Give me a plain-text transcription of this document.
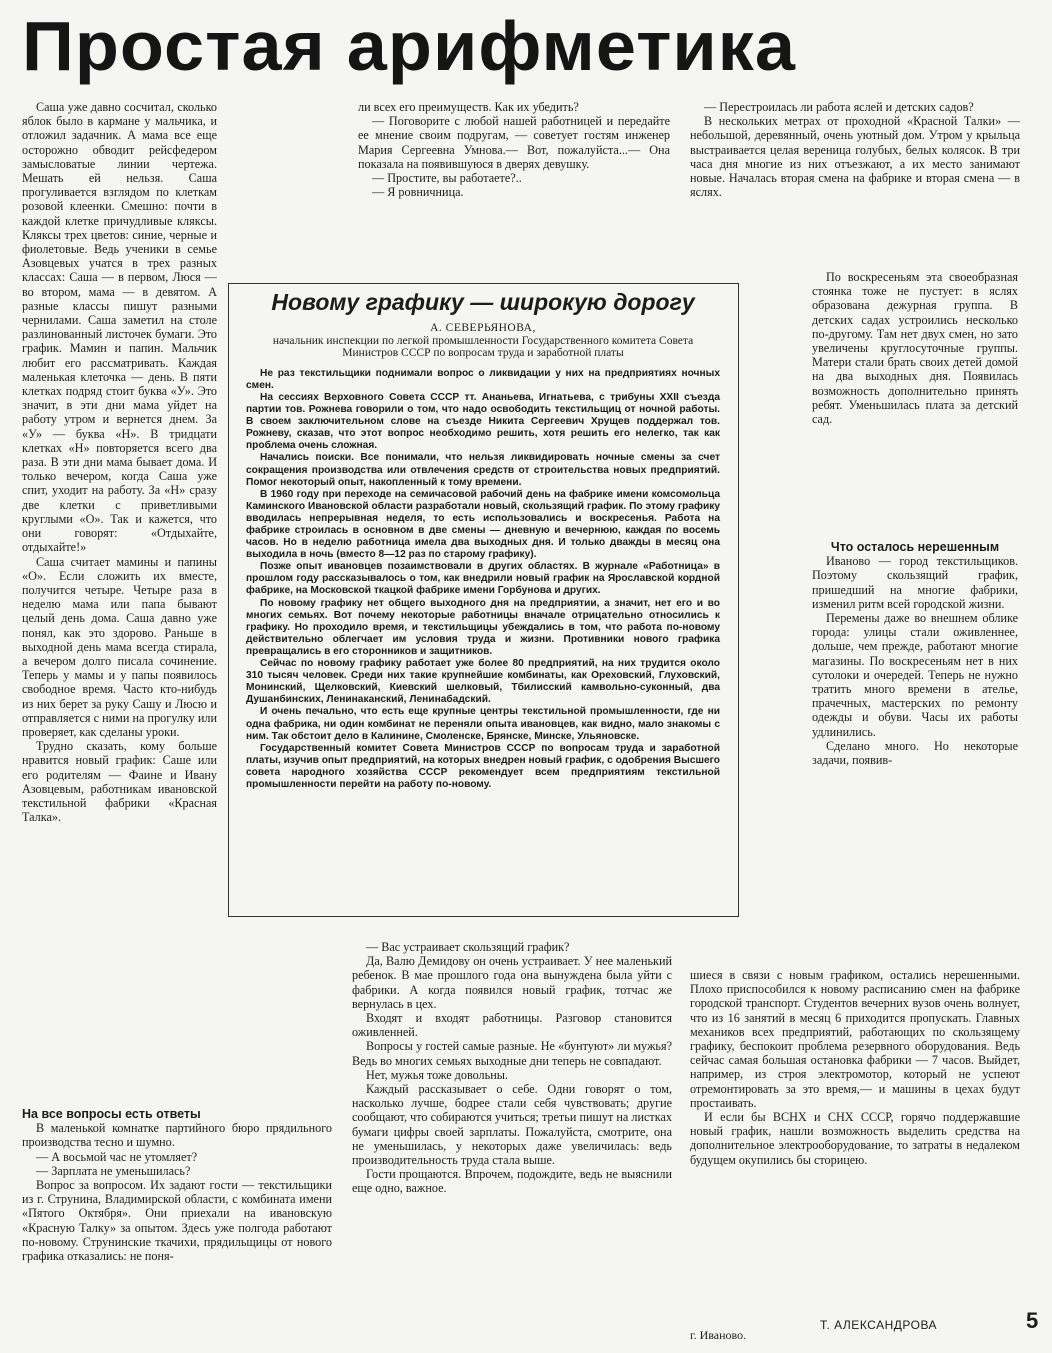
Простая арифметика

Саша уже давно сосчитал, сколько яблок было в кармане у мальчика, и отложил задачник. А мама все еще осторожно обводит рейсфедером замысловатые линии чертежа. Мешать ей нельзя. Саша прогуливается взглядом по клеткам розовой клеенки. Смешно: почти в каждой клетке причудливые кляксы. Кляксы трех цветов: синие, черные и фиолетовые. Ведь ученики в семье Азовцевых учатся в трех разных классах: Саша — в первом, Люся — во втором, мама — в девятом. А разные классы пишут разными чернилами. Саша заметил на столе разлинованный листочек бумаги. Это график. Мамин и папин. Мальчик любит его рассматривать. Каждая маленькая клеточка — день. В пяти клетках подряд стоит буква «У». Это значит, в эти дни мама уйдет на работу утром и вернется днем. За «У» — буква «Н». В тридцати клетках «Н» повторяется всего два раза. В эти дни мама бывает дома. И только вечером, когда Саша уже спит, уходит на работу. За «Н» сразу две клетки с приветливыми круглыми «О». Так и кажется, что они говорят: «Отдыхайте, отдыхайте!»

Саша считает мамины и папины «О». Если сложить их вместе, получится четыре. Четыре раза в неделю мама или папа бывают целый день дома. Саша давно уже понял, как это здорово. Раньше в выходной день мама всегда стирала, а вечером долго писала сочинение. Теперь у мамы и у папы появилось свободное время. Часто кто-нибудь из них берет за руку Сашу и Люсю и отправляется с ними на прогулку или проверяет, как сделаны уроки.

Трудно сказать, кому больше нравится новый график: Саше или его родителям — Фаине и Ивану Азовцевым, работникам ивановской текстильной фабрики «Красная Талка».

На все вопросы есть ответы

В маленькой комнатке партийного бюро прядильного производства тесно и шумно.

— А восьмой час не утомляет?

— Зарплата не уменьшилась?

Вопрос за вопросом. Их задают гости — текстильщики из г. Струнина, Владимирской области, с комбината имени «Пятого Октября». Они приехали на ивановскую «Красную Талку» за опытом. Здесь уже полгода работают по-новому. Струнинские ткачихи, прядильщицы от нового графика отказались: не поня-

ли всех его преимуществ. Как их убедить?

— Поговорите с любой нашей работницей и передайте ее мнение своим подругам, — советует гостям инженер Мария Сергеевна Умнова.— Вот, пожалуйста...— Она показала на появившуюся в дверях девушку.

— Простите, вы работаете?..

— Я ровничница.

— Вас устраивает скользящий график?

Да, Валю Демидову он очень устраивает. У нее маленький ребенок. В мае прошлого года она вынуждена была уйти с фабрики. А когда появился новый график, тотчас же вернулась в цех.

Входят и входят работницы. Разговор становится оживленней.

Вопросы у гостей самые разные. Не «бунтуют» ли мужья? Ведь во многих семьях выходные дни теперь не совпадают.

Нет, мужья тоже довольны.

Каждый рассказывает о себе. Одни говорят о том, насколько лучше, бодрее стали себя чувствовать; другие сообщают, что собираются учиться; третьи пишут на листках бумаги цифры своей зарплаты. Пожалуйста, смотрите, она не уменьшилась, у некоторых даже увеличилась: ведь производительность труда стала выше.

Гости прощаются. Впрочем, подождите, ведь не выяснили еще одно, важное.

— Перестроилась ли работа яслей и детских садов?

В нескольких метрах от проходной «Красной Талки» — небольшой, деревянный, очень уютный дом. Утром у крыльца выстраивается целая вереница голубых, белых колясок. В три часа дня многие из них отъезжают, а их место занимают новые. Началась вторая смена на фабрике и вторая смена — в яслях.

По воскресеньям эта своеобразная стоянка тоже не пустует: в яслях образована дежурная группа. В детских садах устроились несколько по-другому. Там нет двух смен, но зато увеличены круглосуточные группы. Матери стали брать своих детей домой на два выходных дня. Появилась возможность дополнительно принять ребят. Уменьшилась плата за детский сад.

Что осталось нерешенным

Иваново — город текстильщиков. Поэтому скользящий график, пришедший на многие фабрики, изменил ритм всей городской жизни.

Перемены даже во внешнем облике города: улицы стали оживленнее, дольше, чем прежде, работают многие магазины. По воскресеньям нет в них сутолоки и очередей. Теперь не нужно тратить много времени в ателье, прачечных, мастерских по ремонту одежды и обуви. Часы их работы удлинились.

Сделано много. Но некоторые задачи, появив-

шиеся в связи с новым графиком, остались нерешенными. Плохо приспособился к новому расписанию смен на фабрике городской транспорт. Студентов вечерних вузов очень волнует, что из 16 занятий в месяц 6 приходится пропускать. Главных механиков всех предприятий, работающих по скользящему графику, беспокоит проблема резервного оборудования. Ведь сейчас самая большая остановка фабрики — 7 часов. Выйдет, например, из строя электромотор, который не успеют отремонтировать за это время,— и машины в цехах будут простаивать.

И если бы ВСНХ и СНХ СССР, горячо поддержавшие новый график, нашли возможность выделить средства на дополнительное электрооборудование, то затраты в недалеком будущем окупились бы сторицею.

Новому графику — широкую дорогу
А. СЕВЕРЬЯНОВА,
начальник инспекции по легкой промышленности Государственного комитета Совета Министров СССР по вопросам труда и заработной платы

Не раз текстильщики поднимали вопрос о ликвидации у них на предприятиях ночных смен.

На сессиях Верховного Совета СССР тт. Ананьева, Игнатьева, с трибуны XXII съезда партии тов. Рожнева говорили о том, что надо освободить текстильщиц от ночной работы. В своем заключительном слове на съезде Никита Сергеевич Хрущев поддержал тов. Рожневу, сказав, что этот вопрос необходимо решить, хотя решить его нелегко, так как проблема очень сложная.

Начались поиски. Все понимали, что нельзя ликвидировать ночные смены за счет сокращения производства или отвлечения средств от строительства новых предприятий. Помог некоторый опыт, накопленный к тому времени.

В 1960 году при переходе на семичасовой рабочий день на фабрике имени комсомольца Каминского Ивановской области разработали новый, скользящий график. По этому графику вводилась непрерывная неделя, то есть использовались и воскресенья. Работа на фабрике строилась в основном в две смены — дневную и вечернюю, каждая по восемь часов. Но в неделю работница имела два выходных дня. И только дважды в месяц она выходила в ночь (вместо 8—12 раз по старому графику).

Позже опыт ивановцев позаимствовали в других областях. В журнале «Работница» в прошлом году рассказывалось о том, как внедрили новый график на Ярославской кордной фабрике, на Московской ткацкой фабрике имени Горбунова и других.

По новому графику нет общего выходного дня на предприятии, а значит, нет его и во многих семьях. Вот почему некоторые работницы вначале отрицательно относились к графику. Но проходило время, и текстильщицы убеждались в том, что работа по-новому действительно облегчает им условия труда и жизни. Противники нового графика превращались в его сторонников и защитников.

Сейчас по новому графику работает уже более 80 предприятий, на них трудится около 310 тысяч человек. Среди них такие крупнейшие комбинаты, как Ореховский, Глуховский, Монинский, Щелковский, Киевский шелковый, Тбилисский камвольно-суконный, два Душанбинских, Ленинаканский, Ленинабадский.

И очень печально, что есть еще крупные центры текстильной промышленности, где ни одна фабрика, ни один комбинат не переняли опыта ивановцев, как видно, мало знакомы с ним. Так обстоит дело в Калинине, Смоленске, Брянске, Минске, Ульяновске.

Государственный комитет Совета Министров СССР по вопросам труда и заработной платы, изучив опыт предприятий, на которых внедрен новый график, с одобрения Высшего совета народного хозяйства СССР рекомендует всем предприятиям текстильной промышленности перейти на работу по-новому.

Т. АЛЕКСАНДРОВА
г. Иваново.
5
